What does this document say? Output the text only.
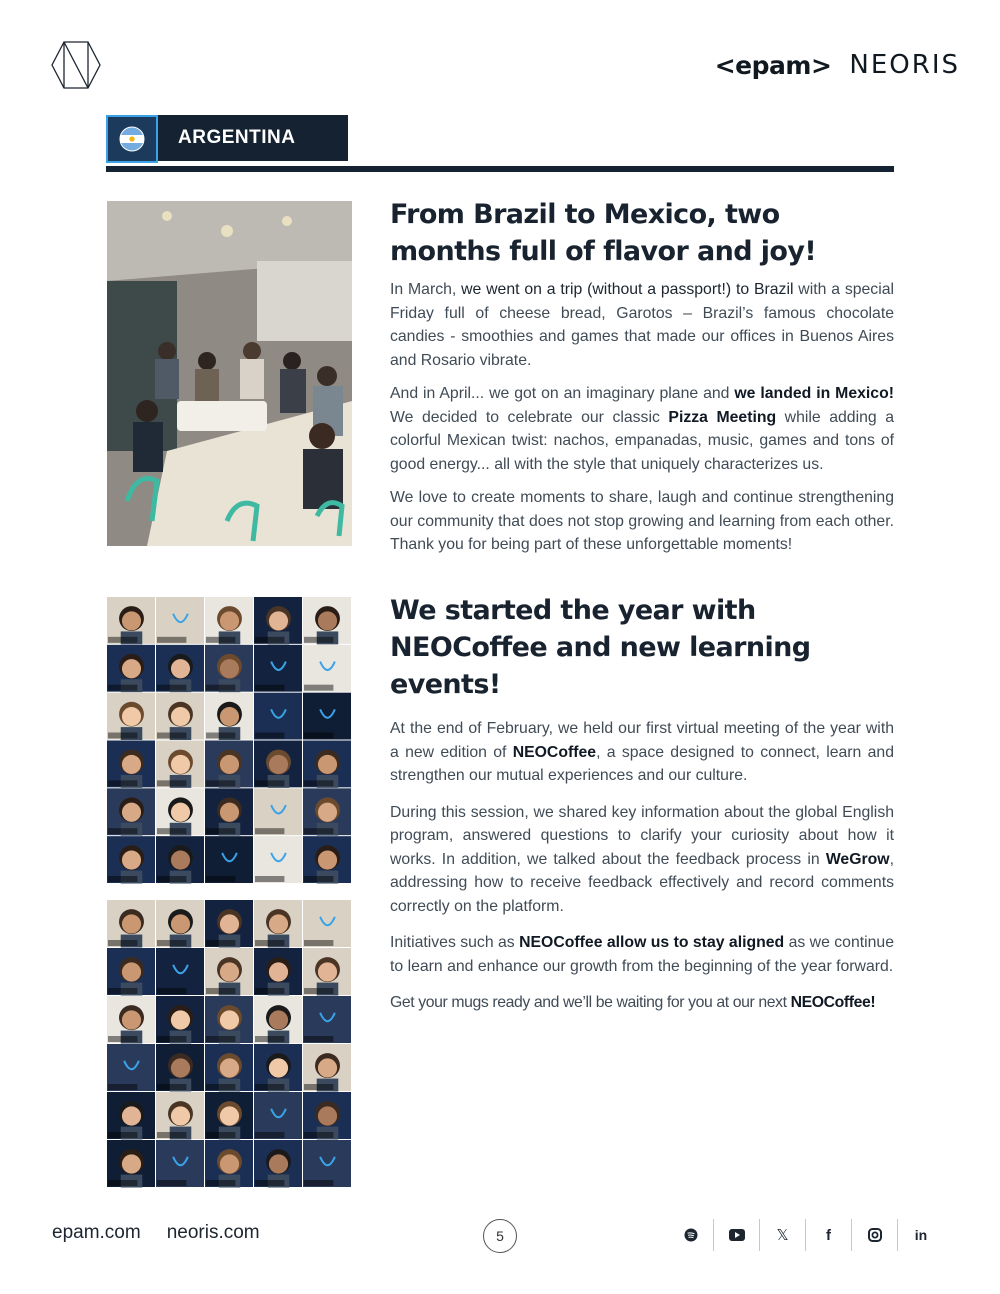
<epam> NEORIS
ARGENTINA
From Brazil to Mexico, two months full of flavor and joy!

In March, we went on a trip (without a passport!) to Brazil with a special Friday full of cheese bread, Garotos – Brazil’s famous chocolate candies - smoothies and games that made our offices in Buenos Aires and Rosario vibrate.

And in April... we got on an imaginary plane and we landed in Mexico! We decided to celebrate our classic Pizza Meeting while adding a colorful Mexican twist: nachos, empanadas, music, games and tons of good energy... all with the style that uniquely characterizes us.

We love to create moments to share, laugh and continue strengthening our community that does not stop growing and learning from each other. Thank you for being part of these unforgettable moments!

We started the year with NEOCoffee and new learning events!

At the end of February, we held our first virtual meeting of the year with a new edition of NEOCoffee, a space designed to connect, learn and strengthen our mutual experiences and our culture.

During this session, we shared key information about the global English program, answered questions to clarify your curiosity about how it works. In addition, we talked about the feedback process in WeGrow, addressing how to receive feedback effectively and record comments correctly on the platform.

Initiatives such as NEOCoffee allow us to stay aligned as we continue to learn and enhance our growth from the beginning of the year forward.

Get your mugs ready and we’ll be waiting for you at our next NEOCoffee!

epam.com neoris.com	5	𝕏	f	in
